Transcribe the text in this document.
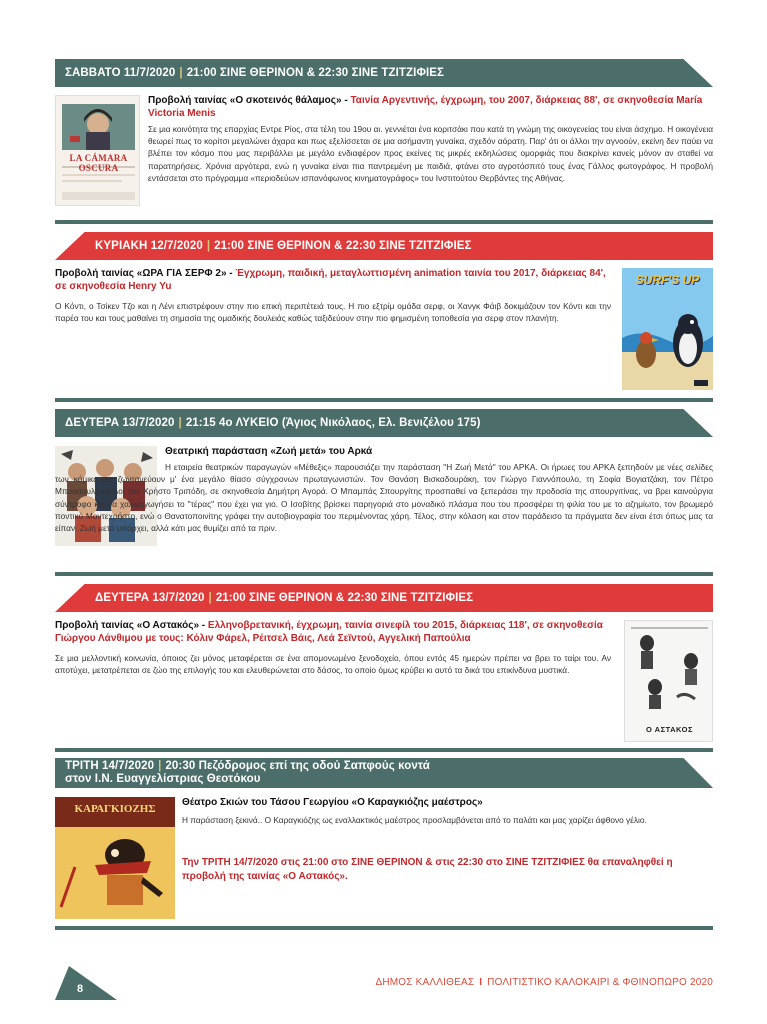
ΣΑΒΒΑΤΟ 11/7/2020 | 21:00 ΣΙΝΕ ΘΕΡΙΝΟΝ & 22:30 ΣΙΝΕ ΤΖΙΤΖΙΦΙΕΣ
LA CÁMARA OSCURA
Προβολή ταινίας «Ο σκοτεινός θάλαμος» - Ταινία Αργεντινής, έγχρωμη, του 2007, διάρκειας 88', σε σκηνοθεσία María Victoria Menis
Σε μια κοινότητα της επαρχίας Εντρε Ρίος, στα τέλη του 19ου αι. γεννιέται ένα κοριτσάκι που κατά τη γνώμη της οικογενείας του είναι άσχημο. Η οικογένεια θεωρεί πως το κορίτσι μεγαλώνει άχαρα και πως εξελίσσεται σε μια ασήμαντη γυναίκα, σχεδόν αόρατη. Παρ' ότι οι άλλοι την αγνοούν, εκείνη δεν παύει να βλέπει τον κόσμο που μας περιβάλλει με μεγάλο ενδιαφέρον προς εκείνες τις μικρές εκδηλώσεις ομορφιάς που διακρίνει κανείς μόνον αν σταθεί να παρατηρήσεις. Χρόνια αργότερα, ενώ η γυναίκα είναι πια παντρεμένη με παιδιά, φτάνει στο αγροτόσπιτό τους ένας Γάλλος φωτογράφος. Η προβολή εντάσσεται στο πρόγραμμα «περιοδεύων ισπανόφωνος κινηματογράφος» του Ινστιτούτου Θερβάντες της Αθήνας.
ΚΥΡΙΑΚΗ 12/7/2020 | 21:00 ΣΙΝΕ ΘΕΡΙΝΟΝ & 22:30 ΣΙΝΕ ΤΖΙΤΖΙΦΙΕΣ
Προβολή ταινίας «ΩΡΑ ΓΙΑ ΣΕΡΦ 2» - Έγχρωμη, παιδική, μεταγλωττισμένη animation ταινία του 2017, διάρκειας 84', σε σκηνοθεσία Henry Yu
Ο Κόντι, ο Τσίκεν Τζο και η Λένι επιστρέφουν στην πιο επική περιπέτειά τους. Η πιο εξτρίμ ομάδα σερφ, οι Χανγκ Φάιβ δοκιμάζουν τον Κόντι και την παρέα του και τους μαθαίνει τη σημασία της ομαδικής δουλειάς καθώς ταξιδεύουν στην πιο φημισμένη τοποθεσία για σερφ στον πλανήτη.
SURF'S UP
ΔΕΥΤΕΡΑ 13/7/2020 | 21:15 4ο ΛΥΚΕΙΟ (Άγιος Νικόλαος, Ελ. Βενιζέλου 175)
Θεατρική παράσταση «Ζωή μετά» του Αρκά
Η εταιρεία θεατρικών παραγωγών «Μέθεξις» παρουσιάζει την παράσταση "Η Ζωή Μετά" του ΑΡΚΑ. Οι ήρωες του ΑΡΚΑ ξεπηδούν με νέες σελίδες των κόμικς και ζωντανεύουν μ' ένα μεγάλο θίασο σύγχρονων πρωταγωνιστών. Τον Θανάση Βισκαδουράκη, τον Γιώργο Γιαννόπουλο, τη Σοφία Βογιατζάκη, τον Πέτρο Μπουσουλόπουλο, τον Χρήστο Τριπόδη, σε σκηνοθεσία Δημήτρη Αγορά. Ο Μπαμπάς Σπουργίτης προσπαθεί να ξεπεράσει την προδοσία της σπουργιτίνας, να βρει καινούργια σύντροφο και να χαλιναγωγήσει το "τέρας" που έχει για γιο. Ο Ισοβίτης βρίσκει παρηγοριά στο μοναδικό πλάσμα που του προσφέρει τη φιλία του με το αζημίωτο, τον βρωμερό ποντικό Μοντεχρήστο, ενώ ο Θανατοποινίτης γράφει την αυτοβιογραφία του περιμένοντας χάρη. Τέλος, στην κόλαση και στον παράδεισο τα πράγματα δεν είναι έτσι όπως μας τα είπαν. Ζωή μετά υπάρχει, αλλά κάτι μας θυμίζει από τα πριν.
ΔΕΥΤΕΡΑ 13/7/2020 | 21:00 ΣΙΝΕ ΘΕΡΙΝΟΝ & 22:30 ΣΙΝΕ ΤΖΙΤΖΙΦΙΕΣ
Προβολή ταινίας «Ο Αστακός» - Ελληνοβρετανική, έγχρωμη, ταινία σινεφίλ του 2015, διάρκειας 118', σε σκηνοθεσία Γιώργου Λάνθιμου με τους: Κόλιν Φάρελ, Ρέιτσελ Βάις, Λεά Σεϊντού, Αγγελική Παπούλια
Σε μια μελλοντική κοινωνία, όποιος ζει μόνος μεταφέρεται σε ένα απομονωμένο ξενοδοχείο, όπου εντός 45 ημερών πρέπει να βρει το ταίρι του. Αν αποτύχει, μετατρέπεται σε ζώο της επιλογής του και ελευθερώνεται στο δάσος, το οποίο όμως κρύβει κι αυτό τα δικά του επικίνδυνα μυστικά.
Ο ΑΣΤΑΚΟΣ
ΤΡΙΤΗ 14/7/2020 | 20:30 Πεζόδρομος επί της οδού Σαπφούς κοντά
στον Ι.Ν. Ευαγγελίστριας Θεοτόκου
ΚΑΡΑΓΚΙΟΖΗΣ
Θέατρο Σκιών του Τάσου Γεωργίου «Ο Καραγκιόζης μαέστρος»
Η παράσταση ξεκινά.. Ο Καραγκιόζης ως εναλλακτικός μαέστρος προσλαμβάνεται από το παλάτι και μας χαρίζει άφθονο γέλιο.
Την ΤΡΙΤΗ 14/7/2020 στις 21:00 στο ΣΙΝΕ ΘΕΡΙΝΟΝ & στις 22:30 στο ΣΙΝΕ ΤΖΙΤΖΙΦΙΕΣ θα επαναληφθεί η προβολή της ταινίας «Ο Αστακός».
8
ΔΗΜΟΣ ΚΑΛΛΙΘΕΑΣ I ΠΟΛΙΤΙΣΤΙΚΟ ΚΑΛΟΚΑΙΡΙ & ΦΘΙΝΟΠΩΡΟ 2020
